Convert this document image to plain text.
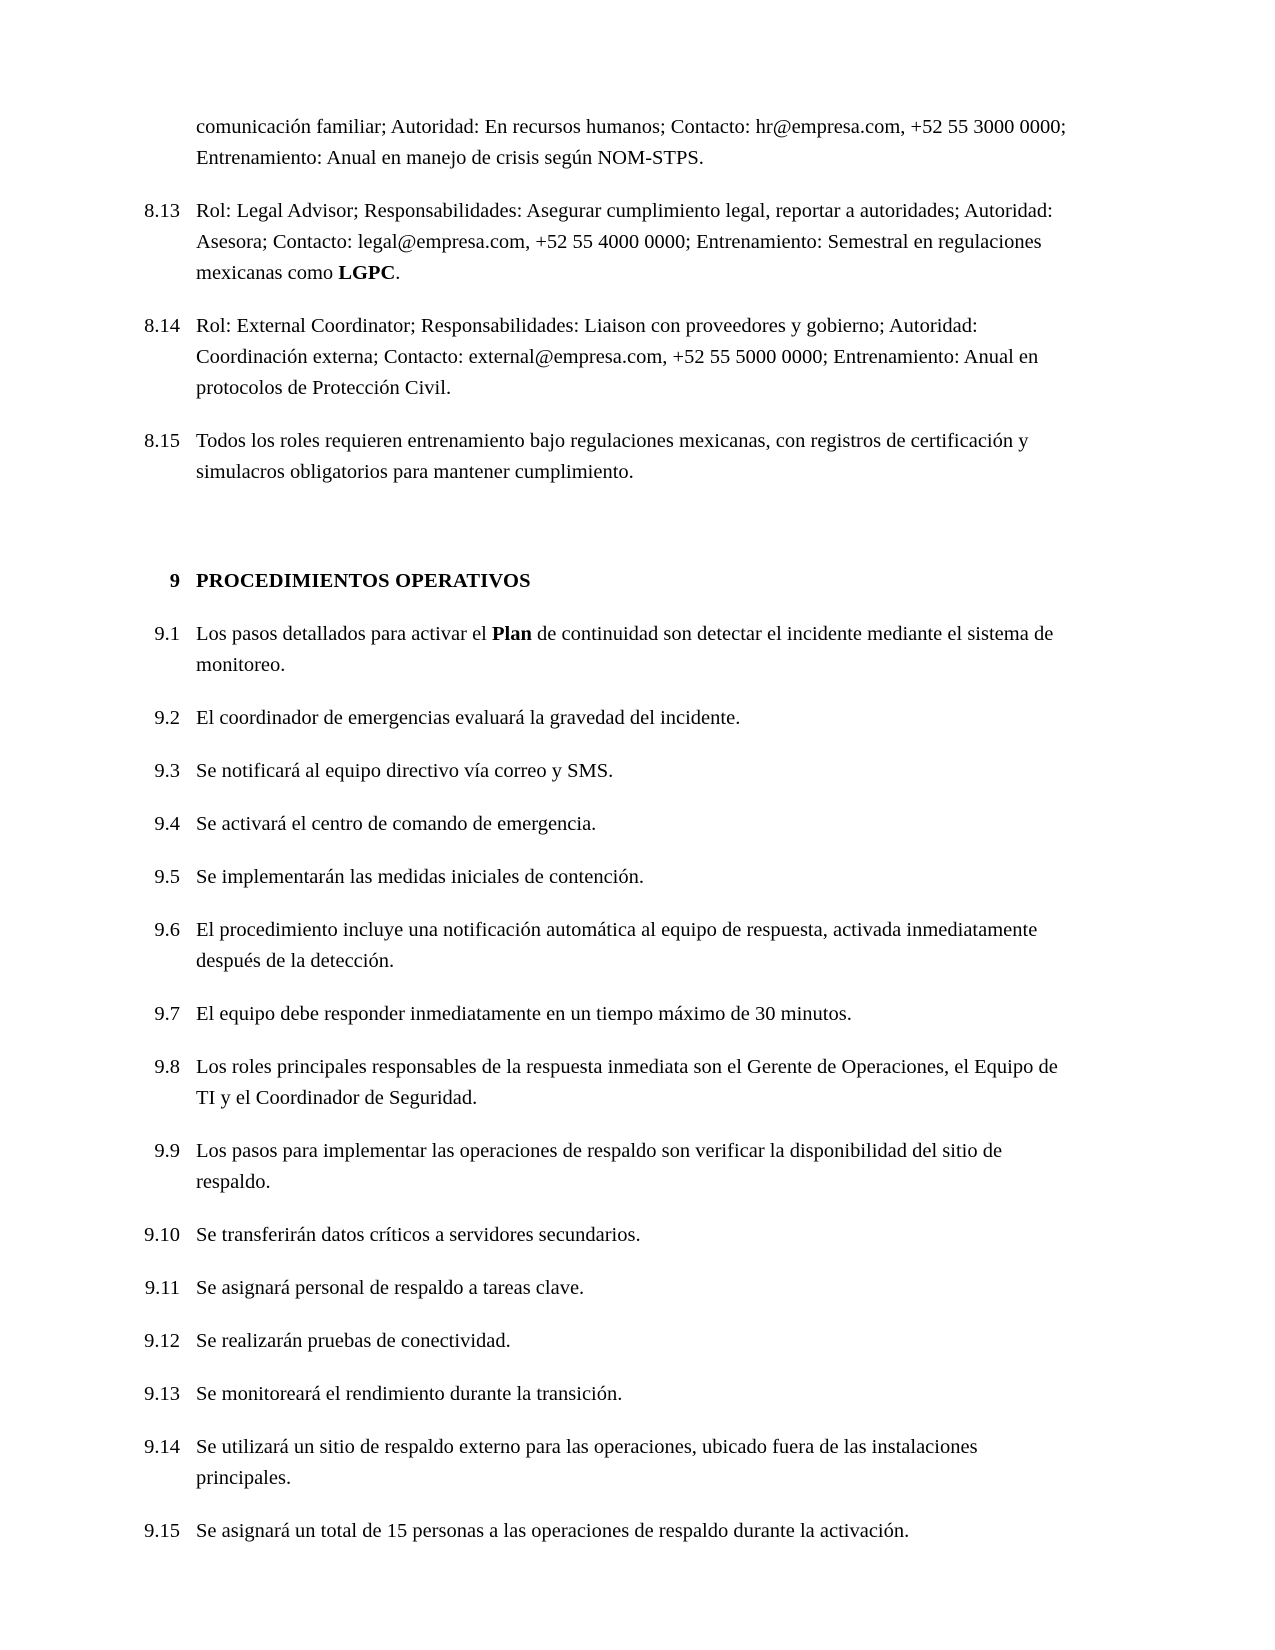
comunicación familiar; Autoridad: En recursos humanos; Contacto: hr@empresa.com, +52 55 3000 0000; Entrenamiento: Anual en manejo de crisis según NOM-STPS.

8.13 Rol: Legal Advisor; Responsabilidades: Asegurar cumplimiento legal, reportar a autoridades; Autoridad: Asesora; Contacto: legal@empresa.com, +52 55 4000 0000; Entrenamiento: Semestral en regulaciones mexicanas como LGPC.
8.14 Rol: External Coordinator; Responsabilidades: Liaison con proveedores y gobierno; Autoridad: Coordinación externa; Contacto: external@empresa.com, +52 55 5000 0000; Entrenamiento: Anual en protocolos de Protección Civil.
8.15 Todos los roles requieren entrenamiento bajo regulaciones mexicanas, con registros de certificación y simulacros obligatorios para mantener cumplimiento.
9 PROCEDIMIENTOS OPERATIVOS
9.1 Los pasos detallados para activar el Plan de continuidad son detectar el incidente mediante el sistema de monitoreo.
9.2 El coordinador de emergencias evaluará la gravedad del incidente.
9.3 Se notificará al equipo directivo vía correo y SMS.
9.4 Se activará el centro de comando de emergencia.
9.5 Se implementarán las medidas iniciales de contención.
9.6 El procedimiento incluye una notificación automática al equipo de respuesta, activada inmediatamente después de la detección.
9.7 El equipo debe responder inmediatamente en un tiempo máximo de 30 minutos.
9.8 Los roles principales responsables de la respuesta inmediata son el Gerente de Operaciones, el Equipo de TI y el Coordinador de Seguridad.
9.9 Los pasos para implementar las operaciones de respaldo son verificar la disponibilidad del sitio de respaldo.
9.10 Se transferirán datos críticos a servidores secundarios.
9.11 Se asignará personal de respaldo a tareas clave.
9.12 Se realizarán pruebas de conectividad.
9.13 Se monitoreará el rendimiento durante la transición.
9.14 Se utilizará un sitio de respaldo externo para las operaciones, ubicado fuera de las instalaciones principales.
9.15 Se asignará un total de 15 personas a las operaciones de respaldo durante la activación.
